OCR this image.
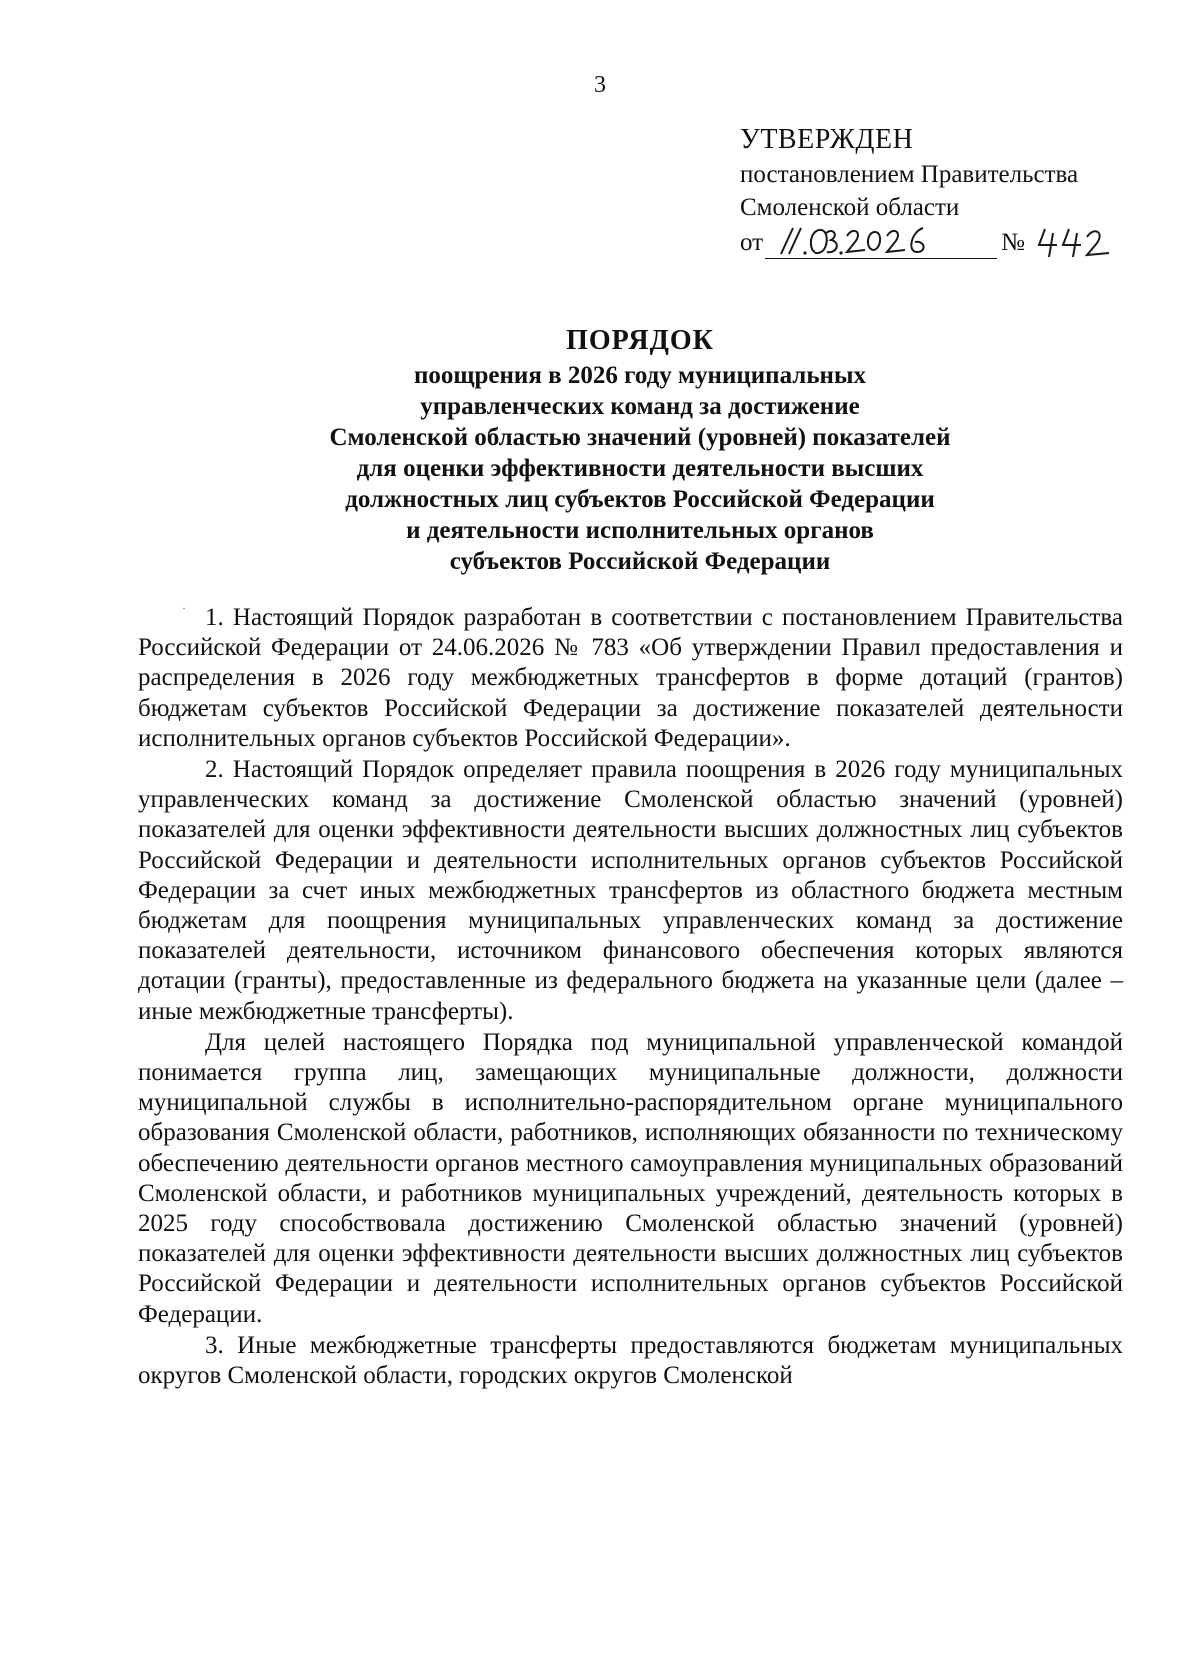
3
УТВЕРЖДЕН
постановлением Правительства
Смоленской области
от	№
ПОРЯДОК
поощрения в 2026 году муниципальных
управленческих команд за достижение
Смоленской областью значений (уровней) показателей
для оценки эффективности деятельности высших
должностных лиц субъектов Российской Федерации
и деятельности исполнительных органов
субъектов Российской Федерации
· 1. Настоящий Порядок разработан в соответствии с постановлением Правительства Российской Федерации от 24.06.2026 № 783 «Об утверждении Правил предоставления и распределения в 2026 году межбюджетных трансфертов в форме дотаций (грантов) бюджетам субъектов Российской Федерации за достижение показателей деятельности исполнительных органов субъектов Российской Федерации».

2. Настоящий Порядок определяет правила поощрения в 2026 году муниципальных управленческих команд за достижение Смоленской областью значений (уровней) показателей для оценки эффективности деятельности высших должностных лиц субъектов Российской Федерации и деятельности исполнительных органов субъектов Российской Федерации за счет иных межбюджетных трансфертов из областного бюджета местным бюджетам для поощрения муниципальных управленческих команд за достижение показателей деятельности, источником финансового обеспечения которых являются дотации (гранты), предоставленные из федерального бюджета на указанные цели (далее – иные межбюджетные трансферты).

Для целей настоящего Порядка под муниципальной управленческой командой понимается группа лиц, замещающих муниципальные должности, должности муниципальной службы в исполнительно-распорядительном органе муниципального образования Смоленской области, работников, исполняющих обязанности по техническому обеспечению деятельности органов местного самоуправления муниципальных образований Смоленской области, и работников муниципальных учреждений, деятельность которых в 2025 году способствовала достижению Смоленской областью значений (уровней) показателей для оценки эффективности деятельности высших должностных лиц субъектов Российской Федерации и деятельности исполнительных органов субъектов Российской Федерации.

3. Иные межбюджетные трансферты предоставляются бюджетам муниципальных округов Смоленской области, городских округов Смоленской
